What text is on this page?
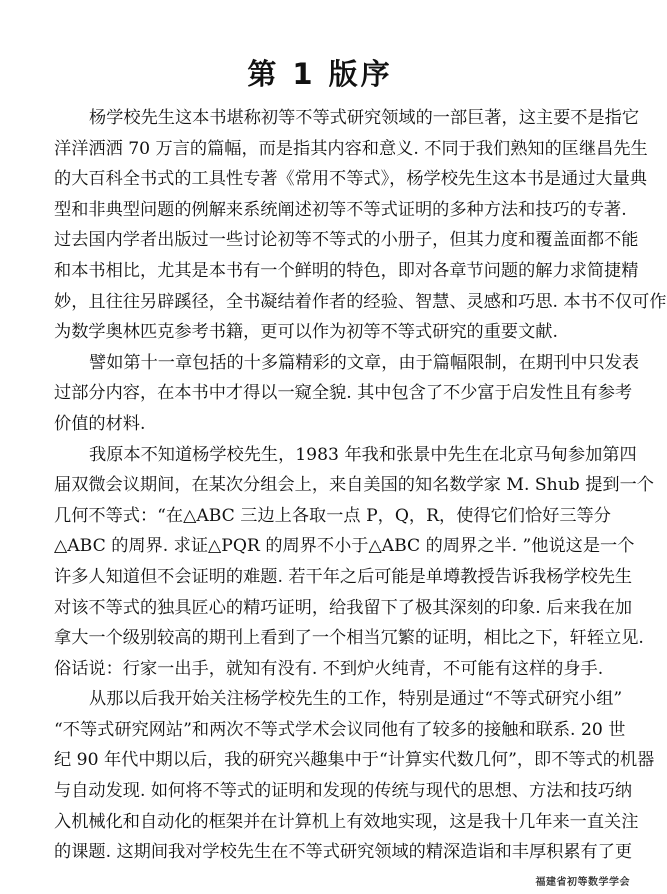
第 1 版序
杨学校先生这本书堪称初等不等式研究领域的一部巨著，这主要不是指它
洋洋洒洒 70 万言的篇幅，而是指其内容和意义. 不同于我们熟知的匡继昌先生
的大百科全书式的工具性专著《常用不等式》，杨学校先生这本书是通过大量典
型和非典型问题的例解来系统阐述初等不等式证明的多种方法和技巧的专著.
过去国内学者出版过一些讨论初等不等式的小册子，但其力度和覆盖面都不能
和本书相比，尤其是本书有一个鲜明的特色，即对各章节问题的解力求简捷精
妙，且往往另辟蹊径，全书凝结着作者的经验、智慧、灵感和巧思. 本书不仅可作
为数学奥林匹克参考书籍，更可以作为初等不等式研究的重要文献.
譬如第十一章包括的十多篇精彩的文章，由于篇幅限制，在期刊中只发表
过部分内容，在本书中才得以一窥全貌. 其中包含了不少富于启发性且有参考
价值的材料.
我原本不知道杨学校先生，1983 年我和张景中先生在北京马甸参加第四
届双微会议期间，在某次分组会上，来自美国的知名数学家 M. Shub 提到一个
几何不等式：“在△ABC 三边上各取一点 P，Q，R，使得它们恰好三等分
△ABC 的周界. 求证△PQR 的周界不小于△ABC 的周界之半. ”他说这是一个
许多人知道但不会证明的难题. 若干年之后可能是单墫教授告诉我杨学校先生
对该不等式的独具匠心的精巧证明，给我留下了极其深刻的印象. 后来我在加
拿大一个级别较高的期刊上看到了一个相当冗繁的证明，相比之下，轩轾立见.
俗话说：行家一出手，就知有没有. 不到炉火纯青，不可能有这样的身手.
从那以后我开始关注杨学校先生的工作，特别是通过“不等式研究小组”
“不等式研究网站”和两次不等式学术会议同他有了较多的接触和联系. 20 世
纪 90 年代中期以后，我的研究兴趣集中于“计算实代数几何”，即不等式的机器
与自动发现. 如何将不等式的证明和发现的传统与现代的思想、方法和技巧纳
入机械化和自动化的框架并在计算机上有效地实现，这是我十几年来一直关注
的课题. 这期间我对学校先生在不等式研究领域的精深造诣和丰厚积累有了更
福建省初等数学学会
